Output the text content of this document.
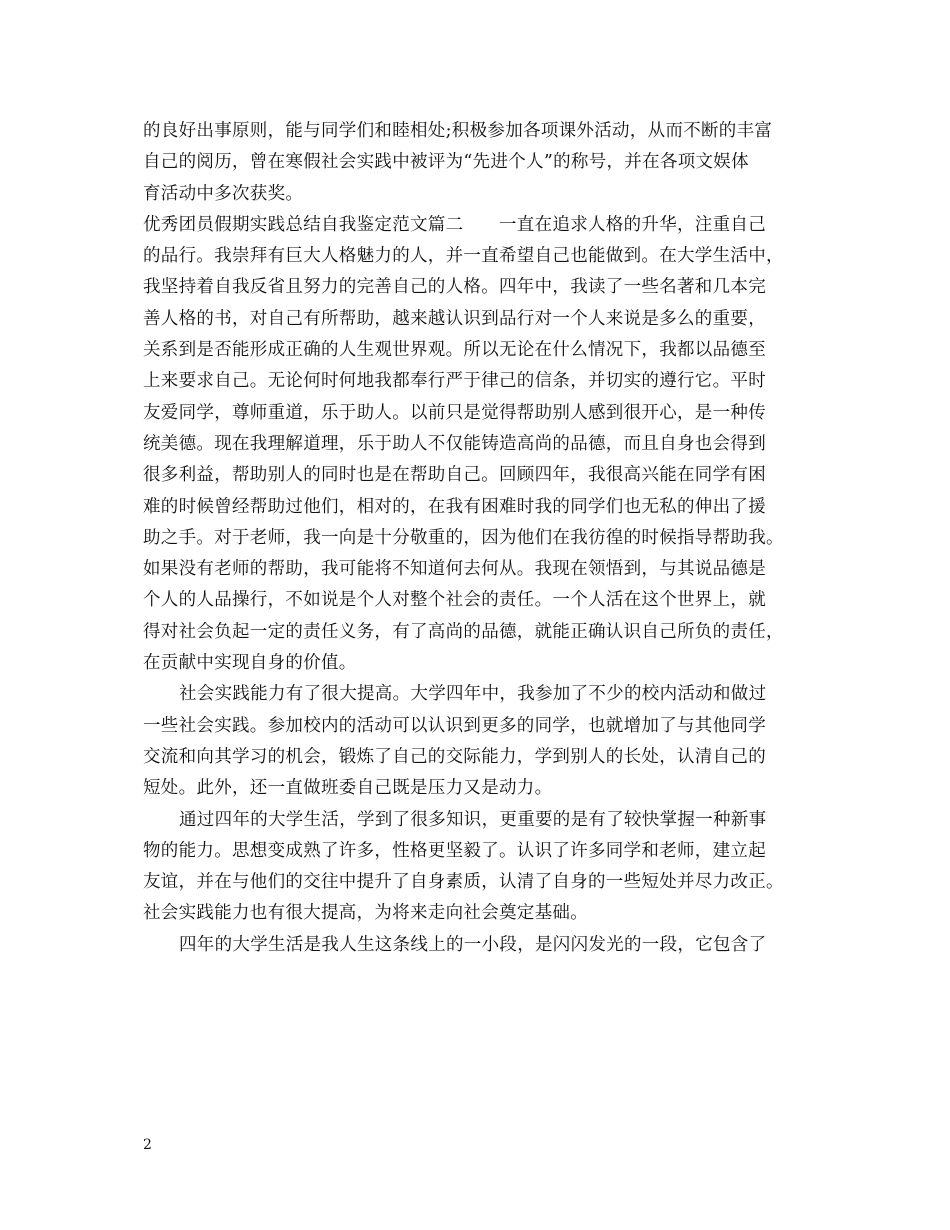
的良好出事原则，能与同学们和睦相处;积极参加各项课外活动，从而不断的丰富
自己的阅历，曾在寒假社会实践中被评为“先进个人”的称号，并在各项文娱体
育活动中多次获奖。
优秀团员假期实践总结自我鉴定范文篇二　　一直在追求人格的升华，注重自己
的品行。我崇拜有巨大人格魅力的人，并一直希望自己也能做到。在大学生活中，
我坚持着自我反省且努力的完善自己的人格。四年中，我读了一些名著和几本完
善人格的书，对自己有所帮助，越来越认识到品行对一个人来说是多么的重要，
关系到是否能形成正确的人生观世界观。所以无论在什么情况下，我都以品德至
上来要求自己。无论何时何地我都奉行严于律己的信条，并切实的遵行它。平时
友爱同学，尊师重道，乐于助人。以前只是觉得帮助别人感到很开心，是一种传
统美德。现在我理解道理，乐于助人不仅能铸造高尚的品德，而且自身也会得到
很多利益，帮助别人的同时也是在帮助自己。回顾四年，我很高兴能在同学有困
难的时候曾经帮助过他们，相对的，在我有困难时我的同学们也无私的伸出了援
助之手。对于老师，我一向是十分敬重的，因为他们在我彷徨的时候指导帮助我。
如果没有老师的帮助，我可能将不知道何去何从。我现在领悟到，与其说品德是
个人的人品操行，不如说是个人对整个社会的责任。一个人活在这个世界上，就
得对社会负起一定的责任义务，有了高尚的品德，就能正确认识自己所负的责任，
在贡献中实现自身的价值。
社会实践能力有了很大提高。大学四年中，我参加了不少的校内活动和做过
一些社会实践。参加校内的活动可以认识到更多的同学，也就增加了与其他同学
交流和向其学习的机会，锻炼了自己的交际能力，学到别人的长处，认清自己的
短处。此外，还一直做班委自己既是压力又是动力。
通过四年的大学生活，学到了很多知识，更重要的是有了较快掌握一种新事
物的能力。思想变成熟了许多，性格更坚毅了。认识了许多同学和老师，建立起
友谊，并在与他们的交往中提升了自身素质，认清了自身的一些短处并尽力改正。
社会实践能力也有很大提高，为将来走向社会奠定基础。
四年的大学生活是我人生这条线上的一小段，是闪闪发光的一段，它包含了
2
